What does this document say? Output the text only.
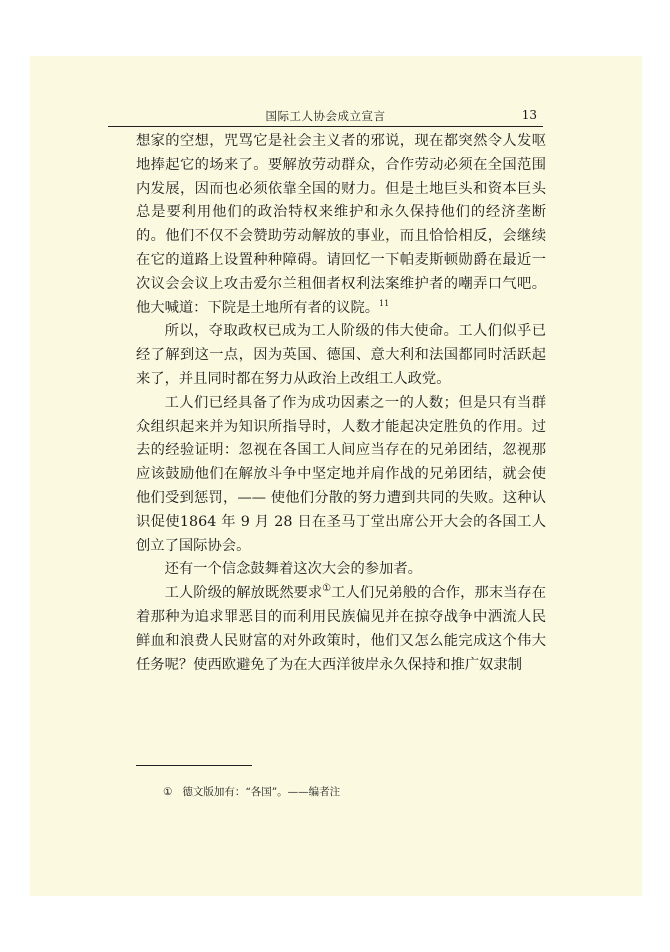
国际工人协会成立宣言	13

想家的空想，咒骂它是社会主义者的邪说，现在都突然令人发呕地捧起它的场来了。要解放劳动群众，合作劳动必须在全国范围内发展，因而也必须依靠全国的财力。但是土地巨头和资本巨头总是要利用他们的政治特权来维护和永久保持他们的经济垄断的。他们不仅不会赞助劳动解放的事业，而且恰恰相反，会继续在它的道路上设置种种障碍。请回忆一下帕麦斯顿勋爵在最近一次议会会议上攻击爱尔兰租佃者权利法案维护者的嘲弄口气吧。他大喊道：下院是土地所有者的议院。$^{11}$

所以，夺取政权已成为工人阶级的伟大使命。工人们似乎已经了解到这一点，因为英国、德国、意大利和法国都同时活跃起来了，并且同时都在努力从政治上改组工人政党。

工人们已经具备了作为成功因素之一的人数；但是只有当群众组织起来并为知识所指导时，人数才能起决定胜负的作用。过去的经验证明：忽视在各国工人间应当存在的兄弟团结，忽视那应该鼓励他们在解放斗争中坚定地并肩作战的兄弟团结，就会使他们受到惩罚，—— 使他们分散的努力遭到共同的失败。这种认识促使1864 年 9 月 28 日在圣马丁堂出席公开大会的各国工人创立了国际协会。

还有一个信念鼓舞着这次大会的参加者。

工人阶级的解放既然要求①工人们兄弟般的合作，那末当存在着那种为追求罪恶目的而利用民族偏见并在掠夺战争中洒流人民鲜血和浪费人民财富的对外政策时，他们又怎么能完成这个伟大任务呢？使西欧避免了为在大西洋彼岸永久保持和推广奴隶制

① 德文版加有：“各国”。——编者注
